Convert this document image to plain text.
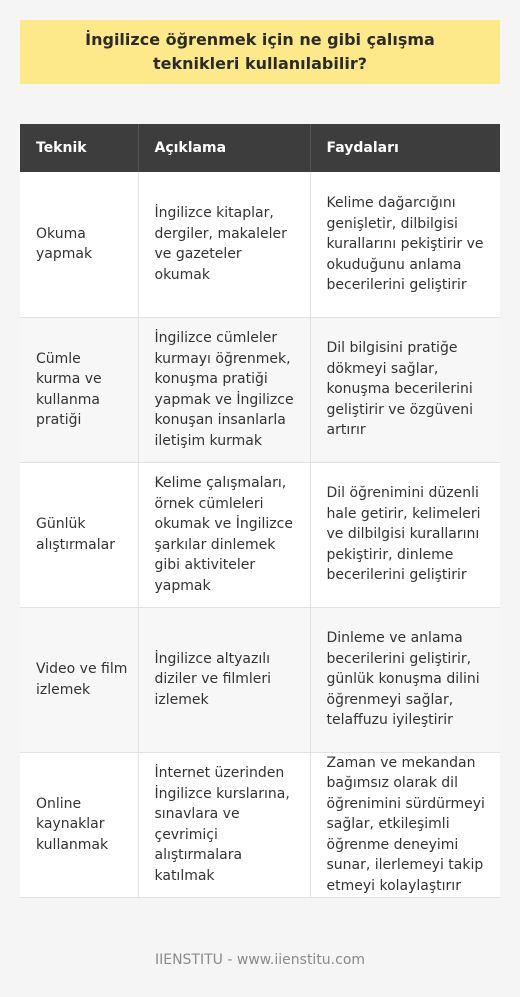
İngilizce öğrenmek için ne gibi çalışma teknikleri kullanılabilir?
Teknik	Açıklama	Faydaları
Okuma yapmak	İngilizce kitaplar, dergiler, makaleler ve gazeteler okumak	Kelime dağarcığını genişletir, dilbilgisi kurallarını pekiştirir ve okuduğunu anlama becerilerini geliştirir
Cümle kurma ve kullanma pratiği	İngilizce cümleler kurmayı öğrenmek, konuşma pratiği yapmak ve İngilizce konuşan insanlarla iletişim kurmak	Dil bilgisini pratiğe dökmeyi sağlar, konuşma becerilerini geliştirir ve özgüveni artırır
Günlük alıştırmalar	Kelime çalışmaları, örnek cümleleri okumak ve İngilizce şarkılar dinlemek gibi aktiviteler yapmak	Dil öğrenimini düzenli hale getirir, kelimeleri ve dilbilgisi kurallarını pekiştirir, dinleme becerilerini geliştirir
Video ve film izlemek	İngilizce altyazılı diziler ve filmleri izlemek	Dinleme ve anlama becerilerini geliştirir, günlük konuşma dilini öğrenmeyi sağlar, telaffuzu iyileştirir
Online kaynaklar kullanmak	İnternet üzerinden İngilizce kurslarına, sınavlara ve çevrimiçi alıştırmalara katılmak	Zaman ve mekandan bağımsız olarak dil öğrenimini sürdürmeyi sağlar, etkileşimli öğrenme deneyimi sunar, ilerlemeyi takip etmeyi kolaylaştırır
IIENSTITU - www.iienstitu.com
